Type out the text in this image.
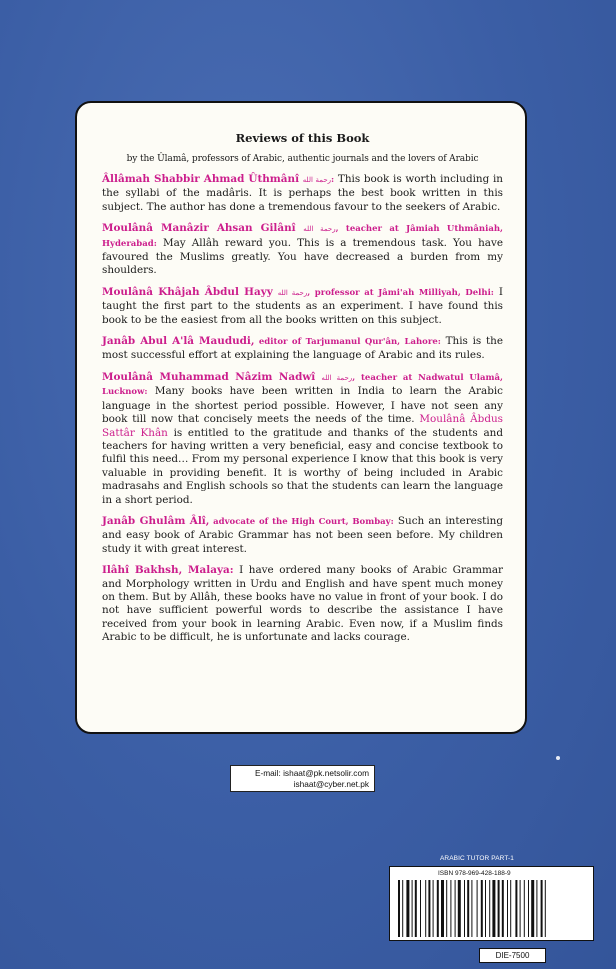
Reviews of this Book

by the Ûlamâ, professors of Arabic, authentic journals and the lovers of Arabic

Âllâmah Shabbir Ahmad Ûthmânî رحمة الله: This book is worth including in the syllabi of the madâris. It is perhaps the best book written in this subject. The author has done a tremendous favour to the seekers of Arabic.

Moulânâ Manâzir Ahsan Gilânî رحمة الله, teacher at Jâmiah Uthmâniah, Hyderabad: May Allâh reward you. This is a tremendous task. You have favoured the Muslims greatly. You have decreased a burden from my shoulders.

Moulânâ Khâjah Âbdul Hayy رحمة الله, professor at Jâmi'ah Milliyah, Delhi: I taught the first part to the students as an experiment. I have found this book to be the easiest from all the books written on this subject.

Janâb Abul A'lâ Maududi, editor of Tarjumanul Qur'ân, Lahore: This is the most successful effort at explaining the language of Arabic and its rules.

Moulânâ Muhammad Nâzim Nadwî رحمة الله, teacher at Nadwatul Ulamâ, Lucknow: Many books have been written in India to learn the Arabic language in the shortest period possible. However, I have not seen any book till now that concisely meets the needs of the time. Moulânâ Âbdus Sattâr Khân is entitled to the gratitude and thanks of the students and teachers for having written a very beneficial, easy and concise textbook to fulfil this need… From my personal experience I know that this book is very valuable in providing benefit. It is worthy of being included in Arabic madrasahs and English schools so that the students can learn the language in a short period.

Janâb Ghulâm Âlî, advocate of the High Court, Bombay: Such an interesting and easy book of Arabic Grammar has not been seen before. My children study it with great interest.

Ilâhî Bakhsh, Malaya: I have ordered many books of Arabic Grammar and Morphology written in Urdu and English and have spent much money on them. But by Allâh, these books have no value in front of your book. I do not have sufficient powerful words to describe the assistance I have received from your book in learning Arabic. Even now, if a Muslim finds Arabic to be difficult, he is unfortunate and lacks courage.

E-mail: ishaat@pk.netsolir.com
ishaat@cyber.net.pk
ARABIC TUTOR PART-1
ISBN 978-969-428-188-9
DIE-7500
